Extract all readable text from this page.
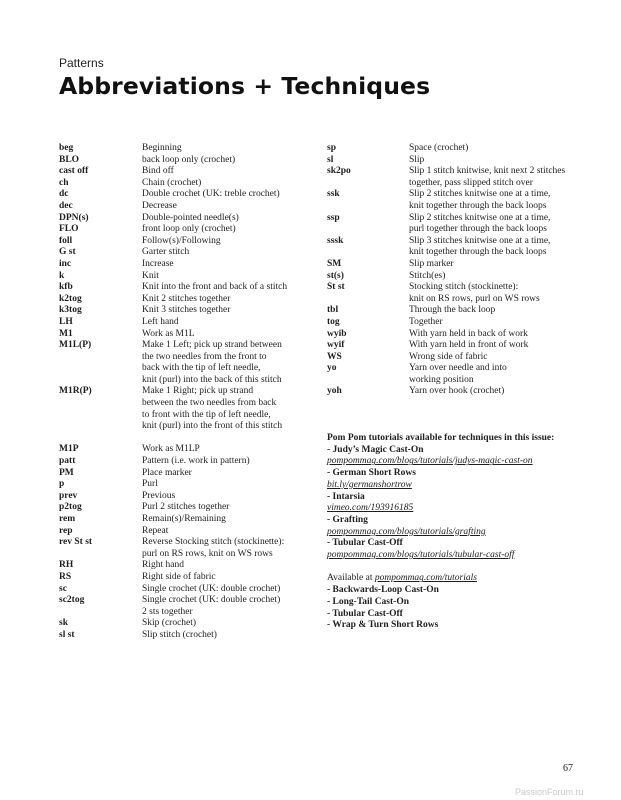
Patterns
Abbreviations + Techniques
beg	Beginning
BLO	back loop only (crochet)
cast off	Bind off
ch	Chain (crochet)
dc	Double crochet (UK: treble crochet)
dec	Decrease
DPN(s)	Double-pointed needle(s)
FLO	front loop only (crochet)
foll	Follow(s)/Following
G st	Garter stitch
inc	Increase
k	Knit
kfb	Knit into the front and back of a stitch
k2tog	Knit 2 stitches together
k3tog	Knit 3 stitches together
LH	Left hand
M1	Work as M1L
M1L(P)	Make 1 Left; pick up strand between
the two needles from the front to
back with the tip of left needle,
knit (purl) into the back of this stitch
M1R(P)	Make 1 Right; pick up strand
between the two needles from back
to front with the tip of left needle,
knit (purl) into the front of this stitch
M1P	Work as M1LP
patt	Pattern (i.e. work in pattern)
PM	Place marker
p	Purl
prev	Previous
p2tog	Purl 2 stitches together
rem	Remain(s)/Remaining
rep	Repeat
rev St st	Reverse Stocking stitch (stockinette):
purl on RS rows, knit on WS rows
RH	Right hand
RS	Right side of fabric
sc	Single crochet (UK: double crochet)
sc2tog	Single crochet (UK: double crochet)
2 sts together
sk	Skip (crochet)
sl st	Slip stitch (crochet)
sp	Space (crochet)
sl	Slip
sk2po	Slip 1 stitch knitwise, knit next 2 stitches
together, pass slipped stitch over
ssk	Slip 2 stitches knitwise one at a time,
knit together through the back loops
ssp	Slip 2 stitches knitwise one at a time,
purl together through the back loops
sssk	Slip 3 stitches knitwise one at a time,
knit together through the back loops
SM	Slip marker
st(s)	Stitch(es)
St st	Stocking stitch (stockinette):
knit on RS rows, purl on WS rows
tbl	Through the back loop
tog	Together
wyib	With yarn held in back of work
wyif	With yarn held in front of work
WS	Wrong side of fabric
yo	Yarn over needle and into
working position
yoh	Yarn over hook (crochet)
Pom Pom tutorials available for techniques in this issue:
- Judy’s Magic Cast-On
pompommag.com/blogs/tutorials/judys-magic-cast-on
- German Short Rows
bit.ly/germanshortrow
- Intarsia
vimeo.com/193916185
- Grafting
pompommag.com/blogs/tutorials/grafting
- Tubular Cast-Off
pompommag.com/blogs/tutorials/tubular-cast-off
Available at pompommag.com/tutorials
- Backwards-Loop Cast-On
- Long-Tail Cast-On
- Tubular Cast-Off
- Wrap & Turn Short Rows
67
PassionForum.ru
